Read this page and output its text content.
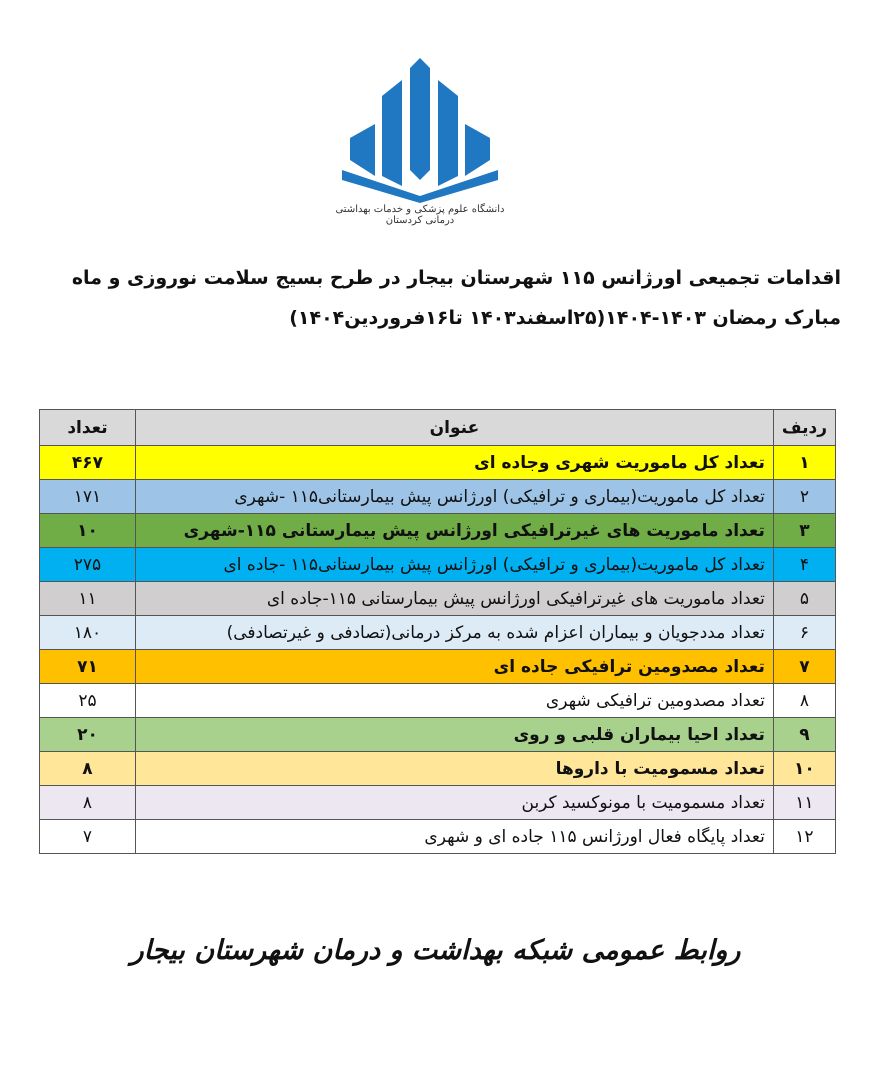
دانشگاه علوم پزشکی و خدمات بهداشتی درمانی کردستان
اقدامات تجمیعی اورژانس ۱۱۵ شهرستان بیجار در طرح بسیج سلامت نوروزی و ماه
مبارک رمضان ۱۴۰۳-۱۴۰۴(۲۵اسفند۱۴۰۳ تا۱۶فروردین۱۴۰۴)
ردیف	عنوان	تعداد
۱	تعداد کل ماموریت شهری وجاده ای	۴۶۷
۲	تعداد کل ماموریت(بیماری و ترافیکی) اورژانس پیش بیمارستانی۱۱۵ -شهری	۱۷۱
۳	تعداد ماموریت های غیرترافیکی اورژانس پیش بیمارستانی ۱۱۵-شهری	۱۰
۴	تعداد کل ماموریت(بیماری و ترافیکی) اورژانس پیش بیمارستانی۱۱۵ -جاده ای	۲۷۵
۵	تعداد ماموریت های غیرترافیکی اورژانس پیش بیمارستانی ۱۱۵-جاده ای	۱۱
۶	تعداد مددجویان و بیماران اعزام شده به مرکز درمانی(تصادفی و غیرتصادفی)	۱۸۰
۷	تعداد مصدومین ترافیکی جاده ای	۷۱
۸	تعداد مصدومین ترافیکی شهری	۲۵
۹	تعداد احیا بیماران قلبی و روی	۲۰
۱۰	تعداد مسمومیت با داروها	۸
۱۱	تعداد مسمومیت با مونوکسید کربن	۸
۱۲	تعداد پایگاه فعال اورژانس ۱۱۵ جاده ای و شهری	۷
روابط عمومی شبکه بهداشت و درمان شهرستان بیجار
